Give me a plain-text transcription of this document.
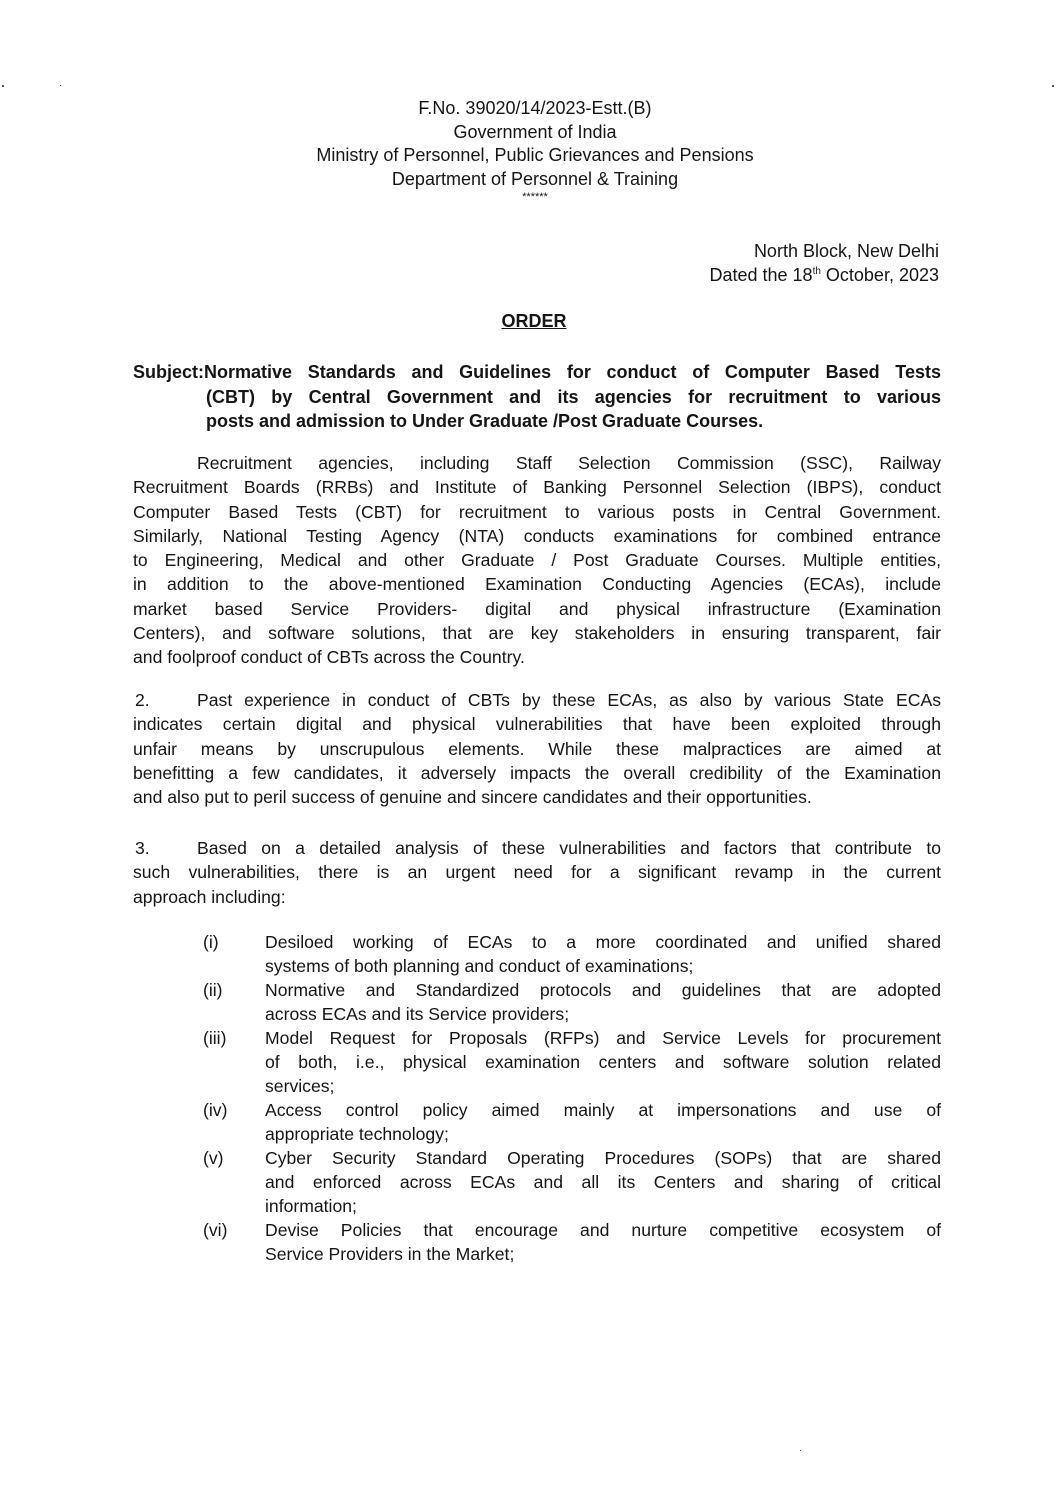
F.No. 39020/14/2023-Estt.(B)
Government of India
Ministry of Personnel, Public Grievances and Pensions
Department of Personnel & Training
******
North Block, New Delhi
Dated the 18th October, 2023
ORDER
Subject:Normative Standards and Guidelines for conduct of Computer Based Tests
(CBT) by Central Government and its agencies for recruitment to various
posts and admission to Under Graduate /Post Graduate Courses.
Recruitment agencies, including Staff Selection Commission (SSC), Railway
Recruitment Boards (RRBs) and Institute of Banking Personnel Selection (IBPS), conduct
Computer Based Tests (CBT) for recruitment to various posts in Central Government.
Similarly, National Testing Agency (NTA) conducts examinations for combined entrance
to Engineering, Medical and other Graduate / Post Graduate Courses. Multiple entities,
in addition to the above-mentioned Examination Conducting Agencies (ECAs), include
market based Service Providers- digital and physical infrastructure (Examination
Centers), and software solutions, that are key stakeholders in ensuring transparent, fair
and foolproof conduct of CBTs across the Country.
2.	Past experience in conduct of CBTs by these ECAs, as also by various State ECAs
indicates certain digital and physical vulnerabilities that have been exploited through
unfair means by unscrupulous elements. While these malpractices are aimed at
benefitting a few candidates, it adversely impacts the overall credibility of the Examination
and also put to peril success of genuine and sincere candidates and their opportunities.
3.	Based on a detailed analysis of these vulnerabilities and factors that contribute to
such vulnerabilities, there is an urgent need for a significant revamp in the current
approach including:
(i)	Desiloed working of ECAs to a more coordinated and unified shared
systems of both planning and conduct of examinations;
(ii) Normative and Standardized protocols and guidelines that are adopted
across ECAs and its Service providers;
(iii) Model Request for Proposals (RFPs) and Service Levels for procurement
of both, i.e., physical examination centers and software solution related
services;
(iv) Access control policy aimed mainly at impersonations and use of
appropriate technology;
(v) Cyber Security Standard Operating Procedures (SOPs) that are shared
and enforced across ECAs and all its Centers and sharing of critical
information;
(vi) Devise Policies that encourage and nurture competitive ecosystem of
Service Providers in the Market;
